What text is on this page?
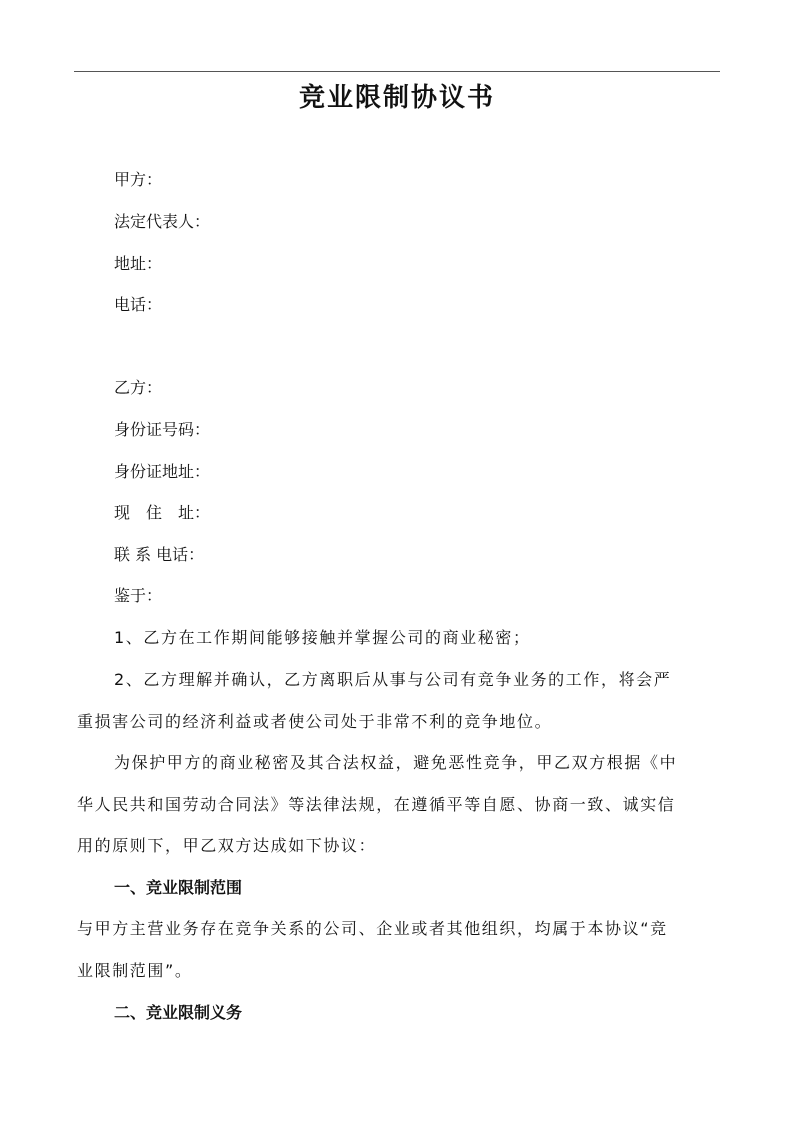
竞业限制协议书
甲方：
法定代表人：
地址：
电话：
乙方：
身份证号码：
身份证地址：
现　住　址：
联 系 电话：
鉴于：
1、乙方在工作期间能够接触并掌握公司的商业秘密；
2、乙方理解并确认，乙方离职后从事与公司有竞争业务的工作，将会严
重损害公司的经济利益或者使公司处于非常不利的竞争地位。
为保护甲方的商业秘密及其合法权益，避免恶性竞争，甲乙双方根据《中
华人民共和国劳动合同法》等法律法规，在遵循平等自愿、协商一致、诚实信
用的原则下，甲乙双方达成如下协议：
一、竞业限制范围
与甲方主营业务存在竞争关系的公司、企业或者其他组织，均属于本协议“竞
业限制范围”。
二、竞业限制义务
